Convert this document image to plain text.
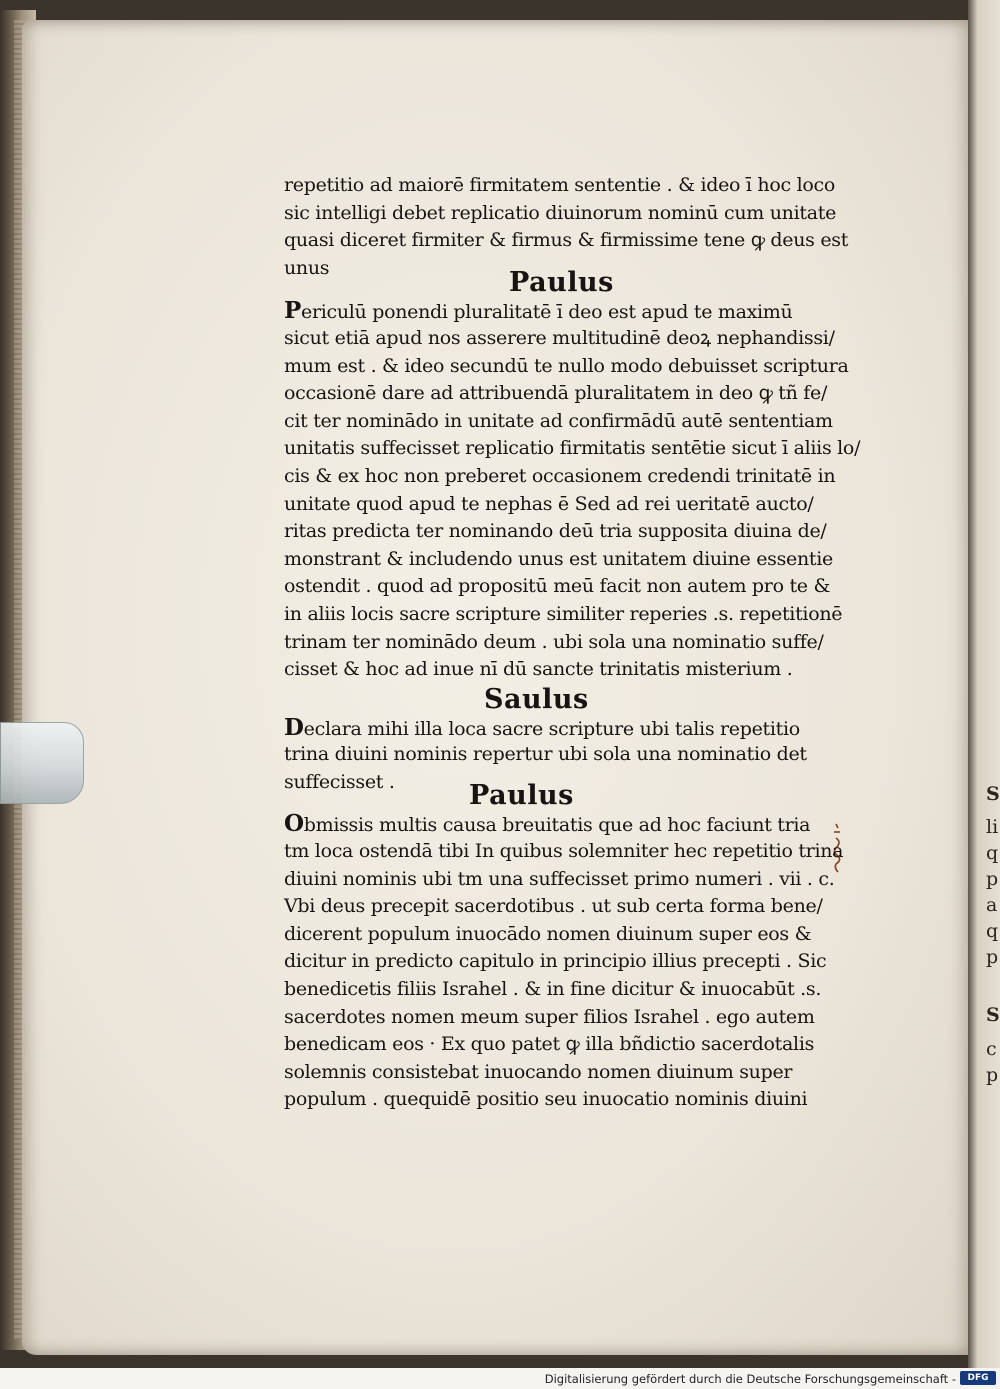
S
li
q
p
a
q
p
S
c
p
repetitio ad maiorē firmitatem sententie . & ideo ī hoc loco
sic intelligi debet replicatio diuinorum nominū cum unitate
quasi diceret firmiter & firmus & firmissime tene ꝙ deus est
unus	Paulus
Periculū ponendi pluralitatē ī deo est apud te maximū
sicut etiā apud nos asserere multitudinē deoꝝ nephandissi/
mum est . & ideo secundū te nullo modo debuisset scriptura
occasionē dare ad attribuendā pluralitatem in deo ꝙ tñ fe/
cit ter nominādo in unitate ad confirmādū autē sententiam
unitatis suffecisset replicatio firmitatis sentētie sicut ī aliis lo/
cis & ex hoc non preberet occasionem credendi trinitatē in
unitate quod apud te nephas ē Sed ad rei ueritatē aucto/
ritas predicta ter nominando deū tria supposita diuina de/
monstrant & includendo unus est unitatem diuine essentie
ostendit . quod ad propositū meū facit non autem pro te &
in aliis locis sacre scripture similiter reperies .s. repetitionē
trinam ter nominādo deum . ubi sola una nominatio suffe/
cisset & hoc ad inue nī dū sancte trinitatis misterium .
Saulus
Declara mihi illa loca sacre scripture ubi talis repetitio
trina diuini nominis repertur ubi sola una nominatio det
suffecisset .	Paulus
Obmissis multis causa breuitatis que ad hoc faciunt tria
tm loca ostendā tibi In quibus solemniter hec repetitio trina
diuini nominis ubi tm una suffecisset primo numeri . vii . c.
Vbi deus precepit sacerdotibus . ut sub certa forma bene/
dicerent populum inuocādo nomen diuinum super eos &
dicitur in predicto capitulo in principio illius precepti . Sic
benedicetis filiis Israhel . & in fine dicitur & inuocabūt .s.
sacerdotes nomen meum super filios Israhel . ego autem
benedicam eos · Ex quo patet ꝙ illa bñdictio sacerdotalis
solemnis consistebat inuocando nomen diuinum super
populum . quequidē positio seu inuocatio nominis diuini
Digitalisierung gefördert durch die Deutsche Forschungsgemeinschaft -	DFG
